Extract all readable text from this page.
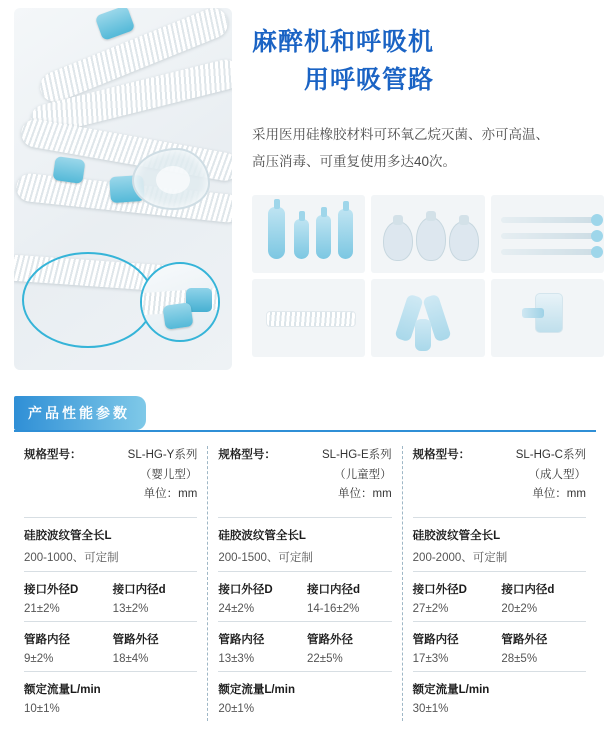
麻醉机和呼吸机
用呼吸管路
采用医用硅橡胶材料可环氧乙烷灭菌、亦可高温、
高压消毒、可重复使用多达40次。
产品性能参数
规格型号：	SL-HG-Y系列
（婴儿型）
单位：mm
硅胶波纹管全长L
200-1000、可定制
接口外径D
21±2%
接口内径d
13±2%
管路内径
9±2%
管路外径
18±4%
额定流量L/min
10±1%
规格型号：	SL-HG-E系列
（儿童型）
单位：mm
硅胶波纹管全长L
200-1500、可定制
接口外径D
24±2%
接口内径d
14-16±2%
管路内径
13±3%
管路外径
22±5%
额定流量L/min
20±1%
规格型号：	SL-HG-C系列
（成人型）
单位：mm
硅胶波纹管全长L
200-2000、可定制
接口外径D
27±2%
接口内径d
20±2%
管路内径
17±3%
管路外径
28±5%
额定流量L/min
30±1%
